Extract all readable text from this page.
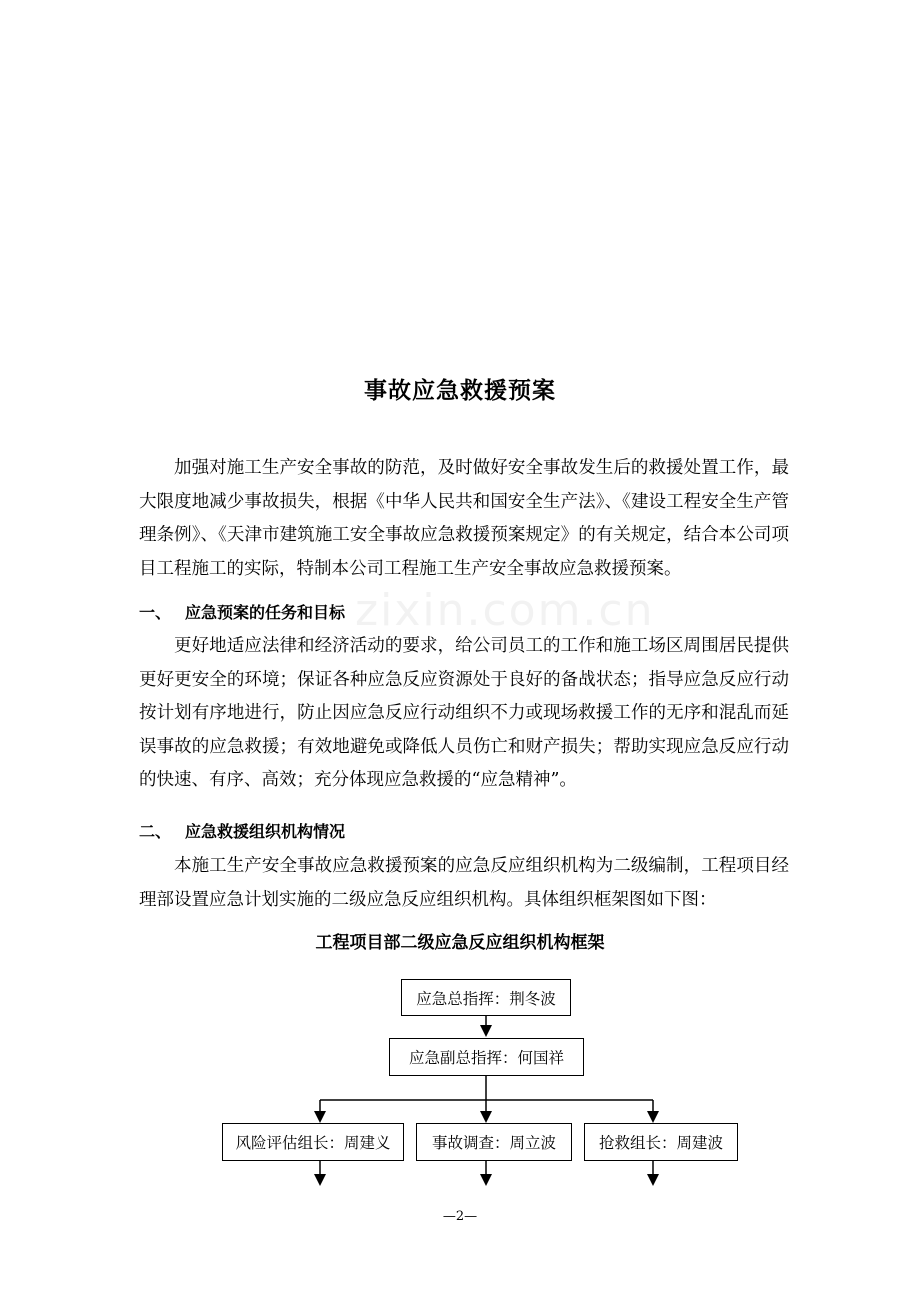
zixin.com.cn
事故应急救援预案

加强对施工生产安全事故的防范，及时做好安全事故发生后的救援处置工作，最大限度地减少事故损失，根据《中华人民共和国安全生产法》、《建设工程安全生产管理条例》、《天津市建筑施工安全事故应急救援预案规定》的有关规定，结合本公司项目工程施工的实际，特制本公司工程施工生产安全事故应急救援预案。

一、 应急预案的任务和目标

更好地适应法律和经济活动的要求，给公司员工的工作和施工场区周围居民提供更好更安全的环境；保证各种应急反应资源处于良好的备战状态；指导应急反应行动按计划有序地进行，防止因应急反应行动组织不力或现场救援工作的无序和混乱而延误事故的应急救援；有效地避免或降低人员伤亡和财产损失；帮助实现应急反应行动的快速、有序、高效；充分体现应急救援的“应急精神”。

二、 应急救援组织机构情况

本施工生产安全事故应急救援预案的应急反应组织机构为二级编制，工程项目经理部设置应急计划实施的二级应急反应组织机构。具体组织框架图如下图：

工程项目部二级应急反应组织机构框架
应急总指挥：荆冬波
应急副总指挥：何国祥
风险评估组长：周建义	事故调查：周立波	抢救组长：周建波
—2—
